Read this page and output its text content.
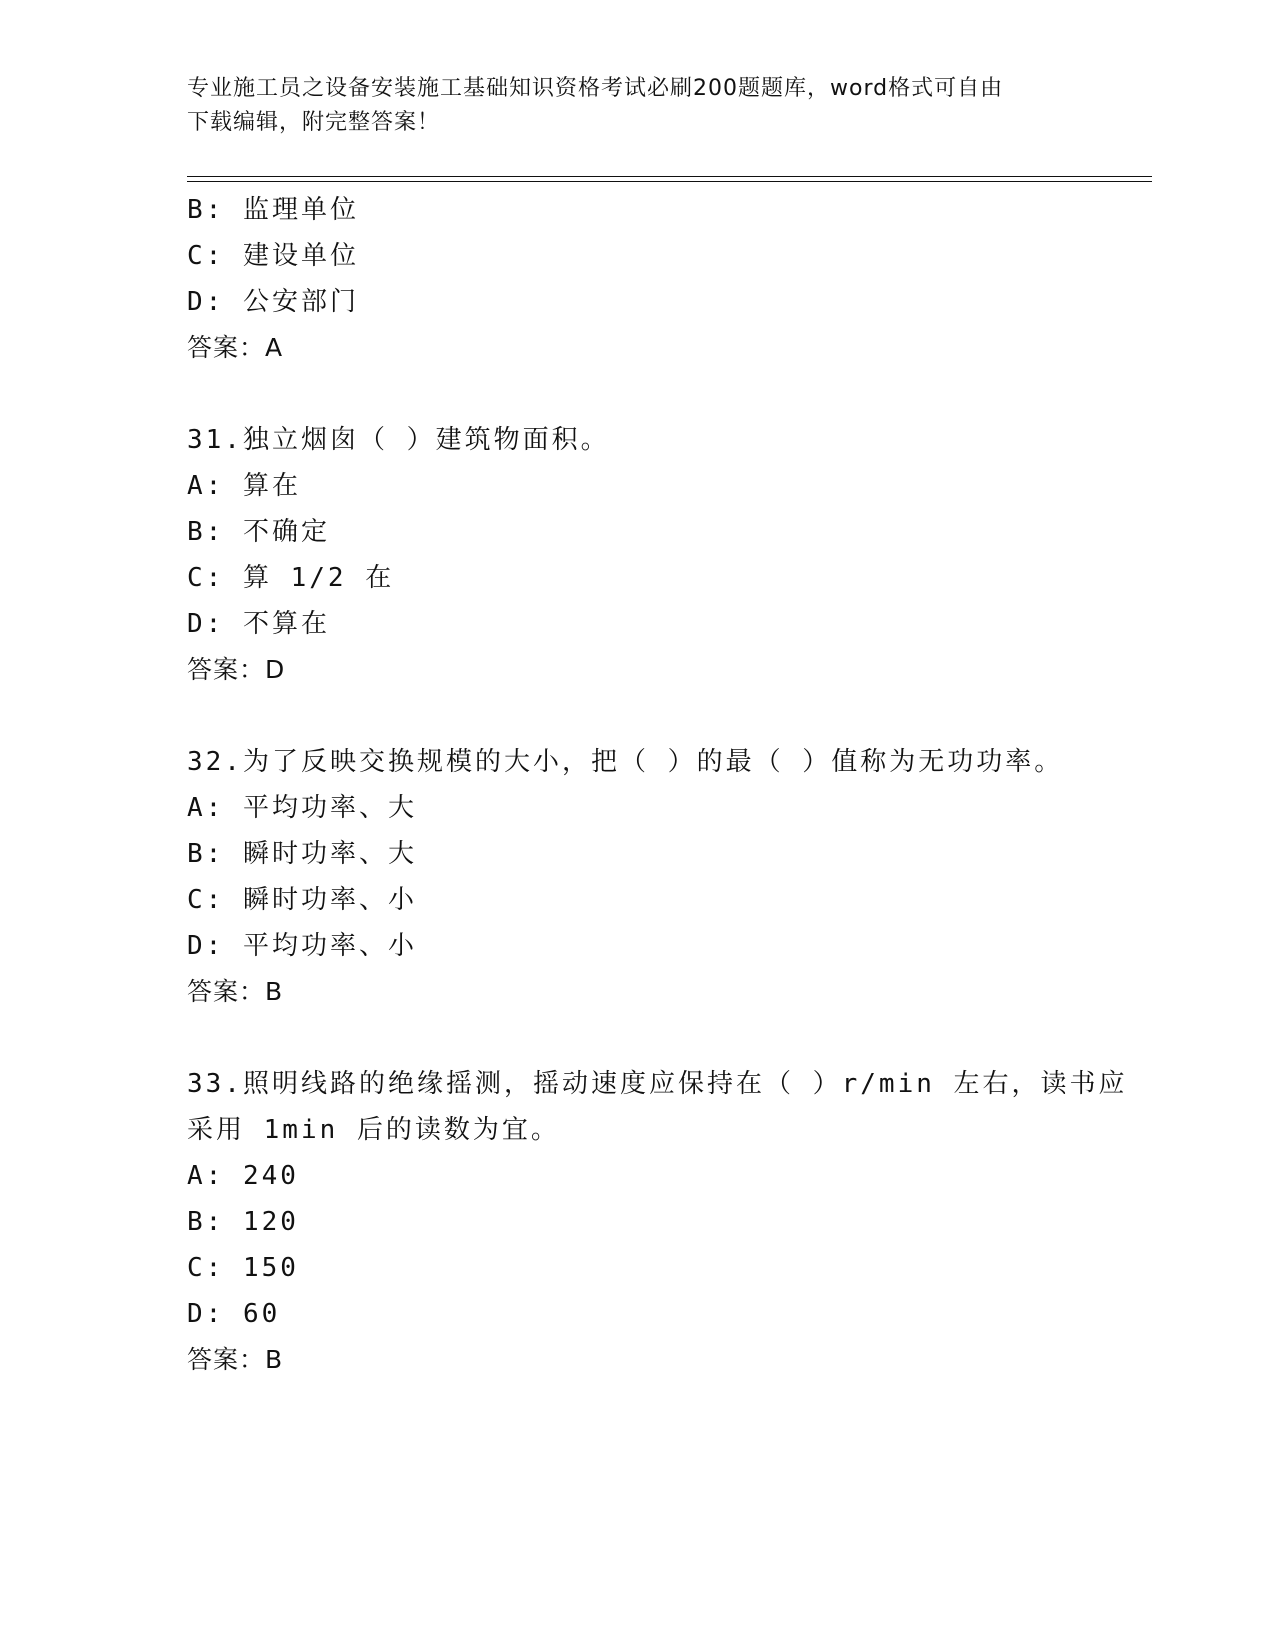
专业施工员之设备安装施工基础知识资格考试必刷200题题库，word格式可自由
下载编辑，附完整答案！
B: 监理单位
C: 建设单位
D: 公安部门
答案：A
31.独立烟囱（ ）建筑物面积。
A: 算在
B: 不确定
C: 算 1/2 在
D: 不算在
答案：D
32.为了反映交换规模的大小，把（ ）的最（ ）值称为无功功率。
A: 平均功率、大
B: 瞬时功率、大
C: 瞬时功率、小
D: 平均功率、小
答案：B
33.照明线路的绝缘摇测，摇动速度应保持在（ ）r/min 左右，读书应
采用 1min 后的读数为宜。
A: 240
B: 120
C: 150
D: 60
答案：B
